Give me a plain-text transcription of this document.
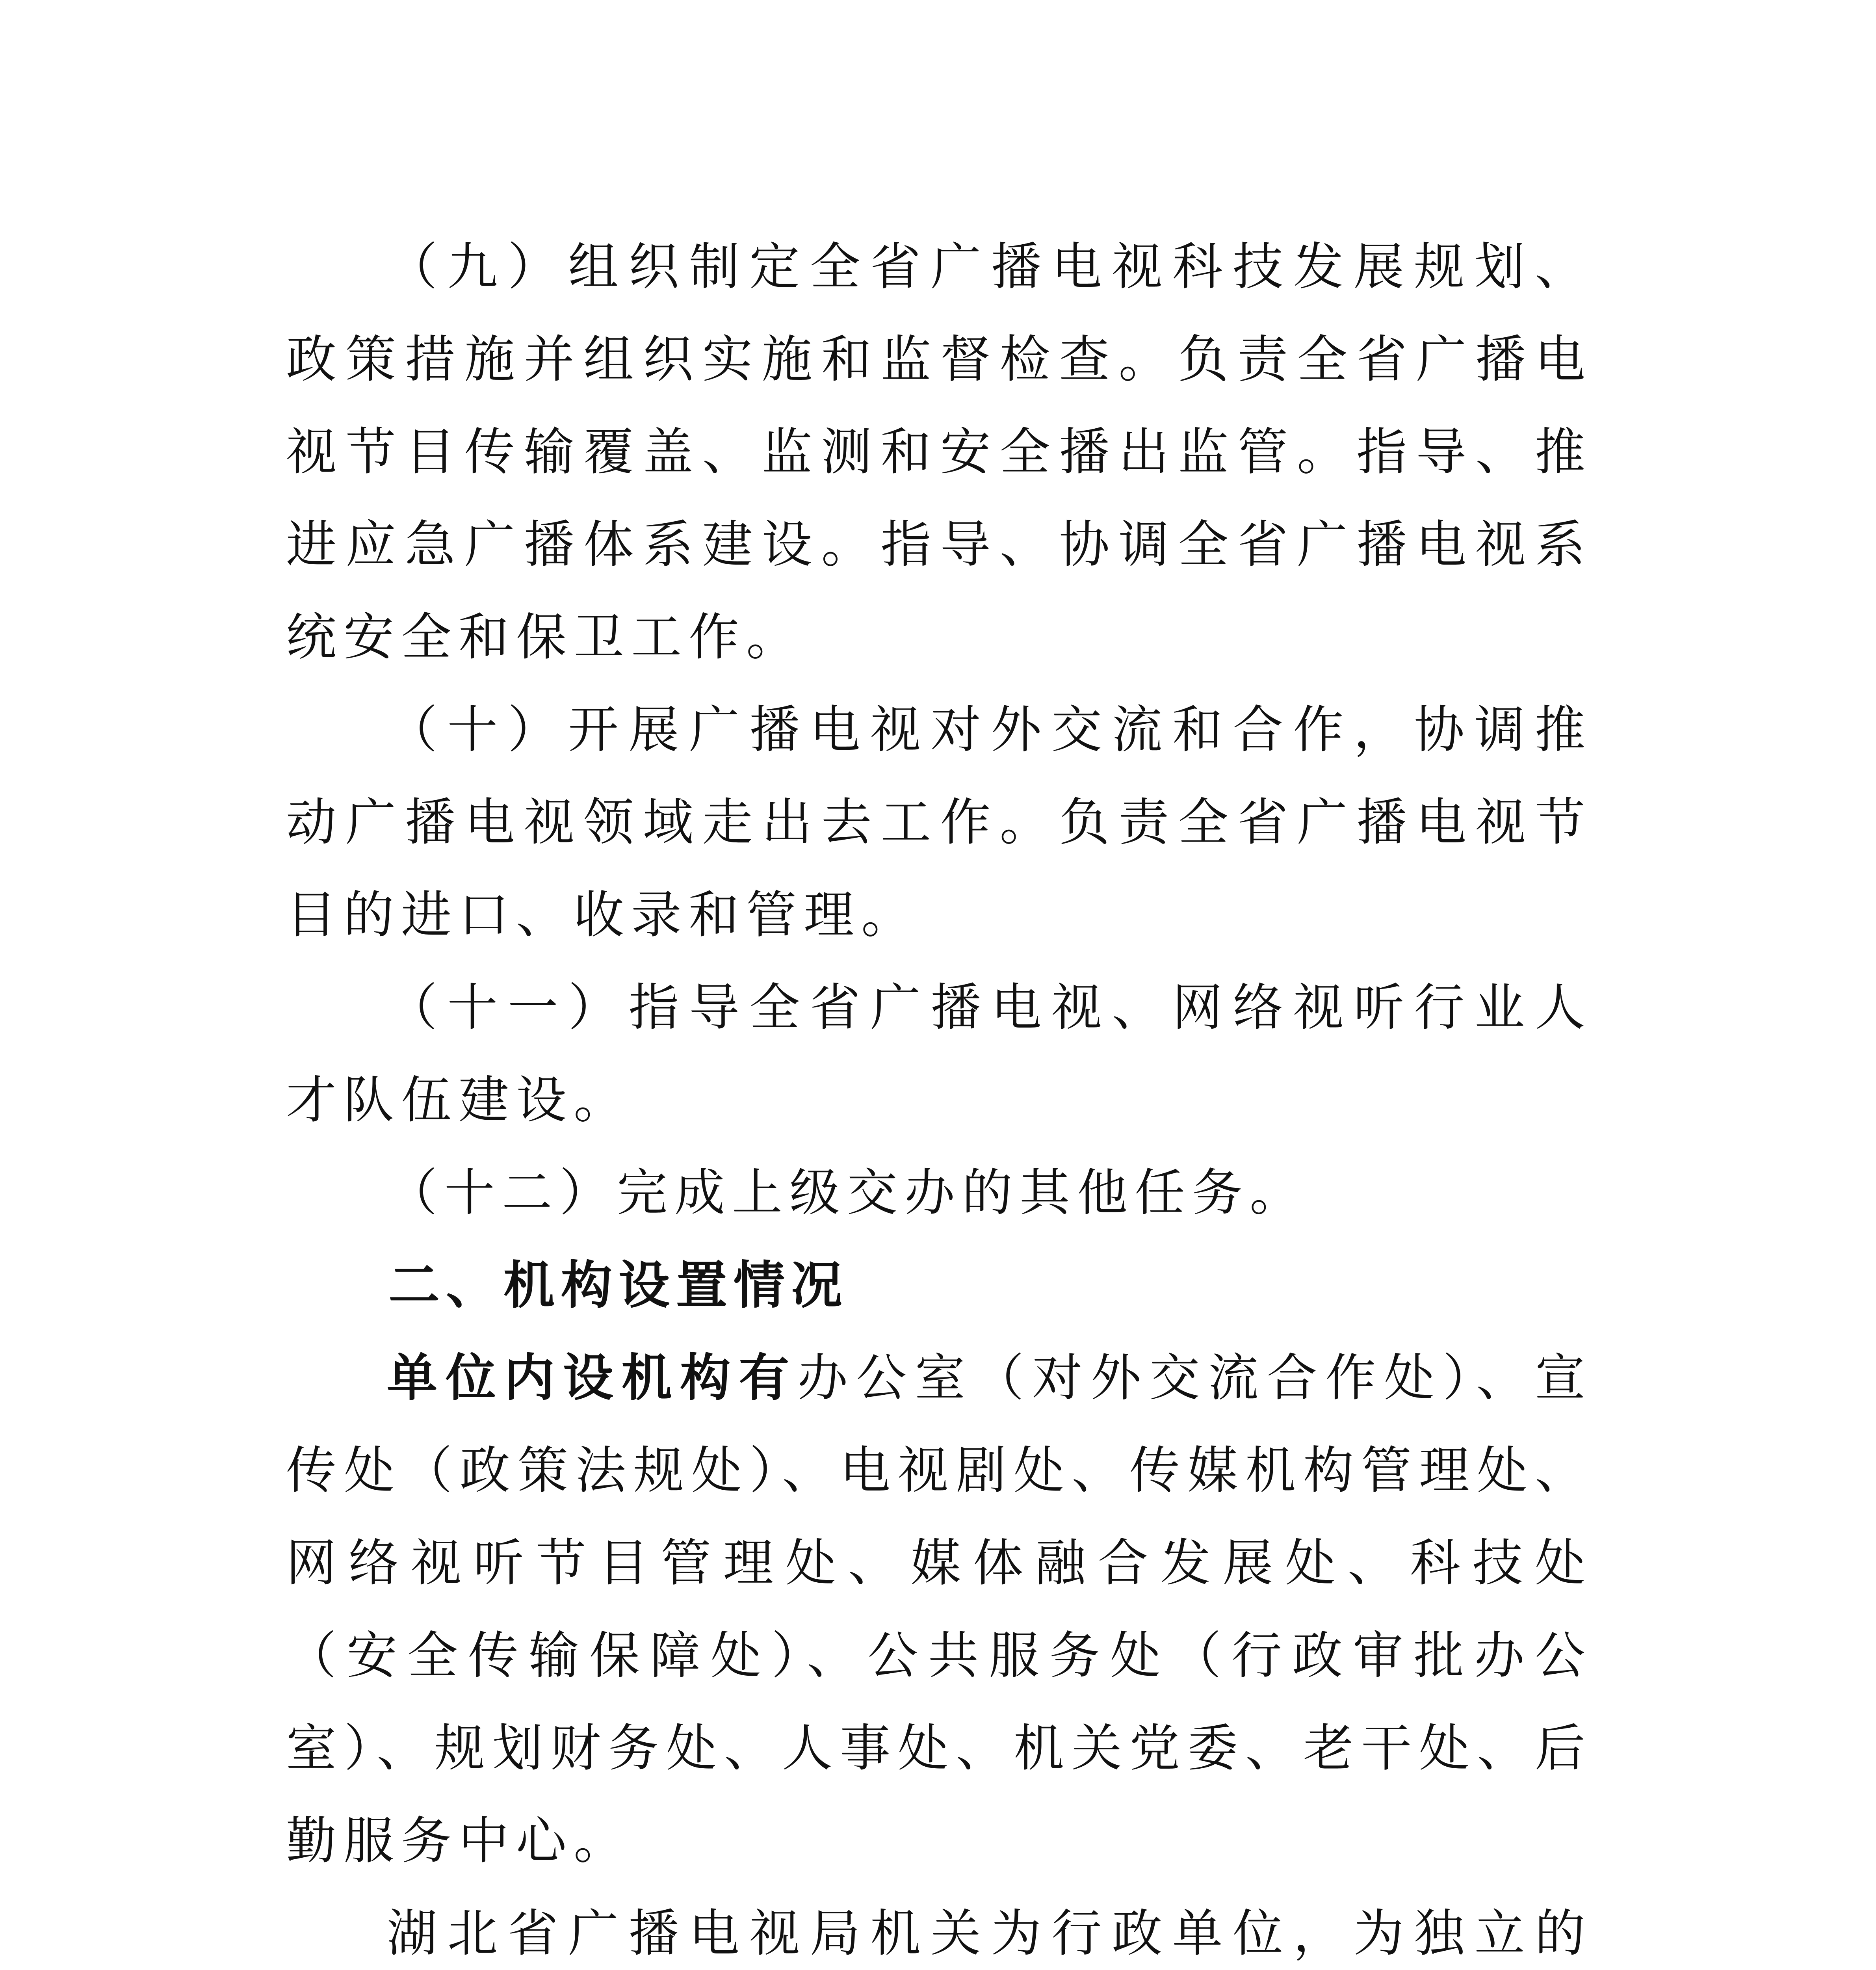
（九）组织制定全省广播电视科技发展规划、政策措施并组织实施和监督检查。负责全省广播电视节目传输覆盖、监测和安全播出监管。指导、推进应急广播体系建设。指导、协调全省广播电视系统安全和保卫工作。

（十）开展广播电视对外交流和合作，协调推动广播电视领域走出去工作。负责全省广播电视节目的进口、收录和管理。

（十一）指导全省广播电视、网络视听行业人才队伍建设。

（十二）完成上级交办的其他任务。

二、机构设置情况

单位内设机构有办公室（对外交流合作处）、宣传处（政策法规处）、电视剧处、传媒机构管理处、网络视听节目管理处、媒体融合发展处、科技处（安全传输保障处）、公共服务处（行政审批办公室）、规划财务处、人事处、机关党委、老干处、后勤服务中心。

湖北省广播电视局机关为行政单位，为独立的
